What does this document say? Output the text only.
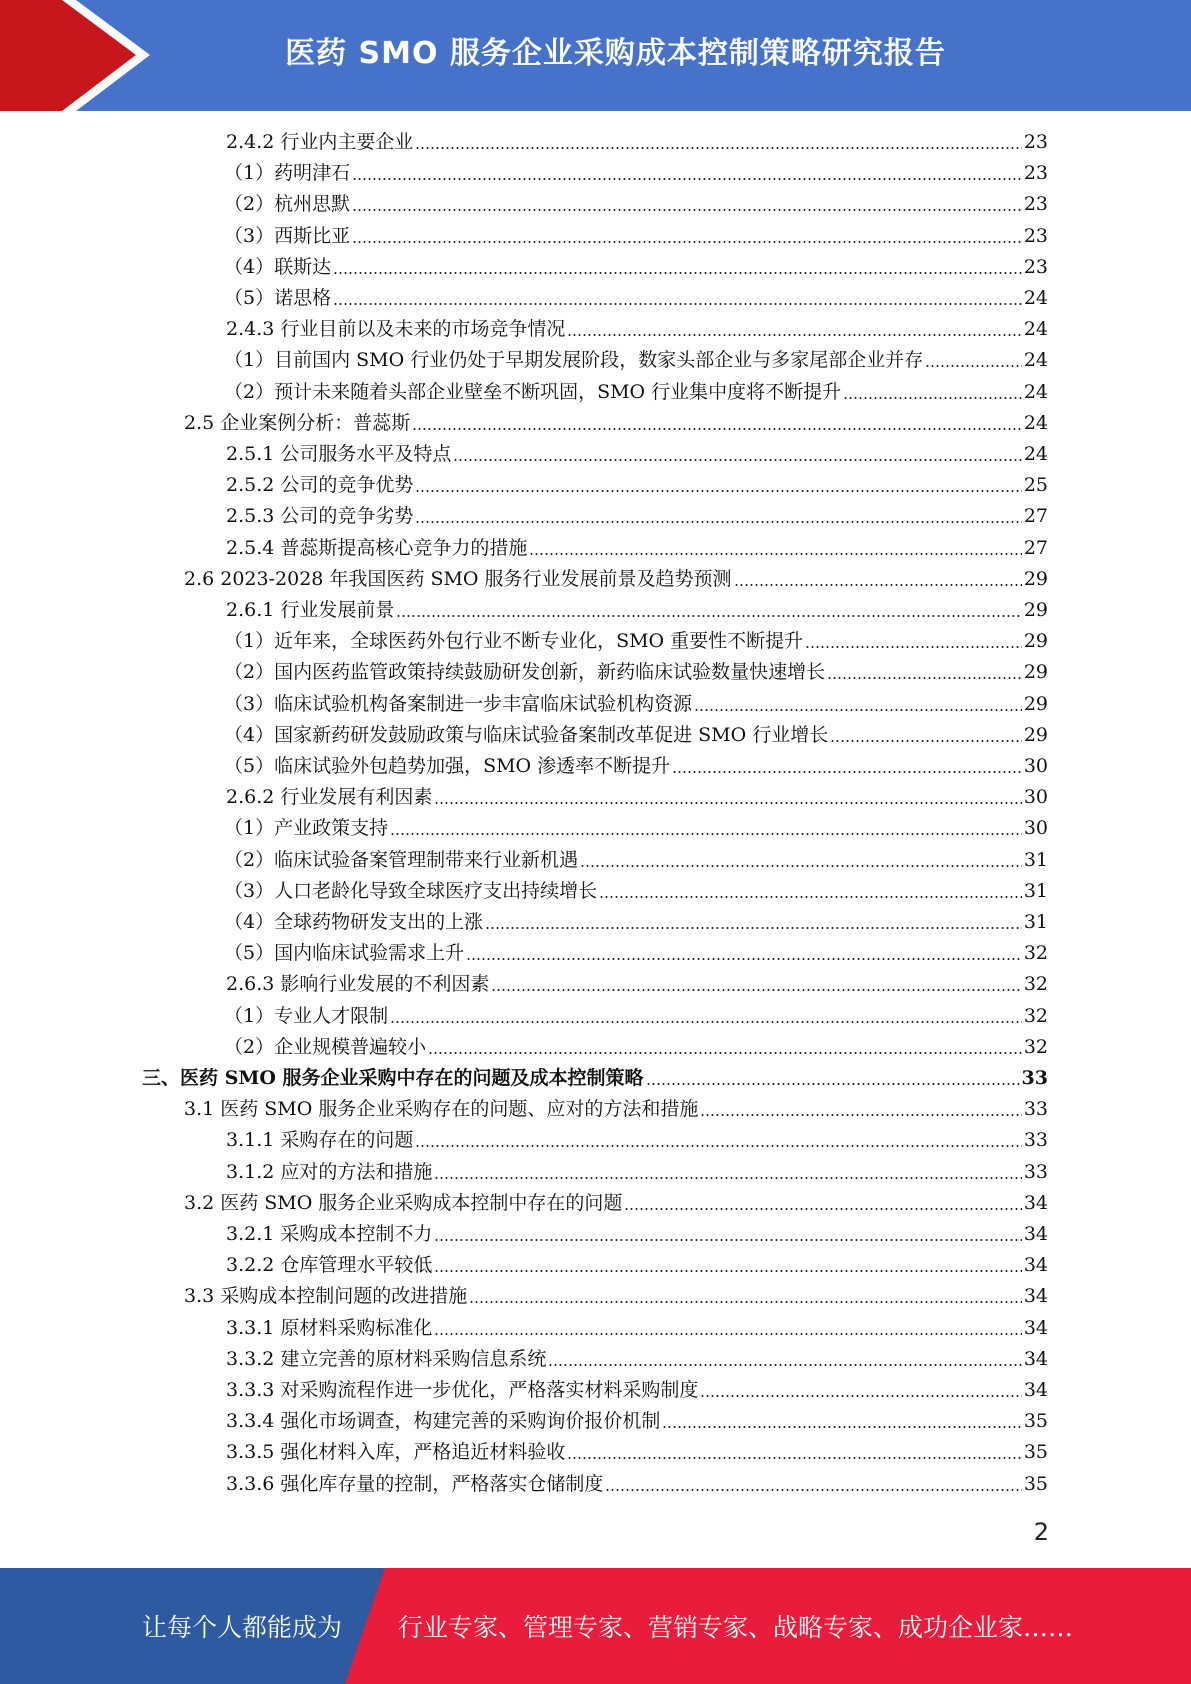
医药 SMO 服务企业采购成本控制策略研究报告
2.4.2 行业内主要企业	23
（1）药明津石	23
（2）杭州思默	23
（3）西斯比亚	23
（4）联斯达	23
（5）诺思格	24
2.4.3 行业目前以及未来的市场竞争情况	24
（1）目前国内 SMO 行业仍处于早期发展阶段，数家头部企业与多家尾部企业并存	24
（2）预计未来随着头部企业壁垒不断巩固，SMO 行业集中度将不断提升	24
2.5 企业案例分析：普蕊斯	24
2.5.1 公司服务水平及特点	24
2.5.2 公司的竞争优势	25
2.5.3 公司的竞争劣势	27
2.5.4 普蕊斯提高核心竞争力的措施	27
2.6 2023-2028 年我国医药 SMO 服务行业发展前景及趋势预测	29
2.6.1 行业发展前景	29
（1）近年来，全球医药外包行业不断专业化，SMO 重要性不断提升	29
（2）国内医药监管政策持续鼓励研发创新，新药临床试验数量快速增长	29
（3）临床试验机构备案制进一步丰富临床试验机构资源	29
（4）国家新药研发鼓励政策与临床试验备案制改革促进 SMO 行业增长	29
（5）临床试验外包趋势加强，SMO 渗透率不断提升	30
2.6.2 行业发展有利因素	30
（1）产业政策支持	30
（2）临床试验备案管理制带来行业新机遇	31
（3）人口老龄化导致全球医疗支出持续增长	31
（4）全球药物研发支出的上涨	31
（5）国内临床试验需求上升	32
2.6.3 影响行业发展的不利因素	32
（1）专业人才限制	32
（2）企业规模普遍较小	32
三、医药 SMO 服务企业采购中存在的问题及成本控制策略	33
3.1 医药 SMO 服务企业采购存在的问题、应对的方法和措施	33
3.1.1 采购存在的问题	33
3.1.2 应对的方法和措施	33
3.2 医药 SMO 服务企业采购成本控制中存在的问题	34
3.2.1 采购成本控制不力	34
3.2.2 仓库管理水平较低	34
3.3 采购成本控制问题的改进措施	34
3.3.1 原材料采购标准化	34
3.3.2 建立完善的原材料采购信息系统	34
3.3.3 对采购流程作进一步优化，严格落实材料采购制度	34
3.3.4 强化市场调查，构建完善的采购询价报价机制	35
3.3.5 强化材料入库，严格追近材料验收	35
3.3.6 强化库存量的控制，严格落实仓储制度	35
2
让每个人都能成为 行业专家、管理专家、营销专家、战略专家、成功企业家……
